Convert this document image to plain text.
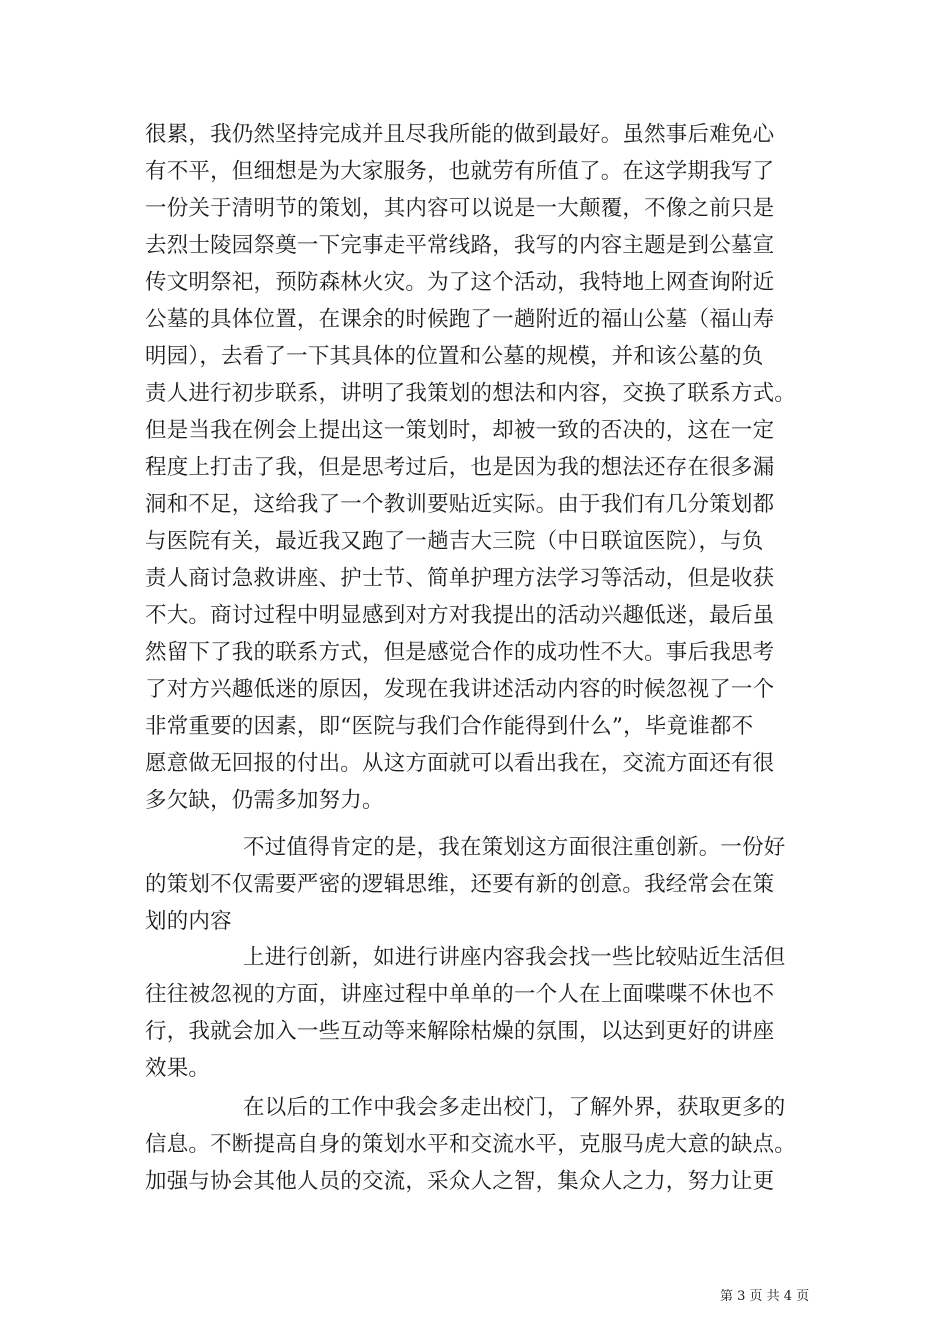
很累，我仍然坚持完成并且尽我所能的做到最好。虽然事后难免心
有不平，但细想是为大家服务，也就劳有所值了。在这学期我写了
一份关于清明节的策划，其内容可以说是一大颠覆，不像之前只是
去烈士陵园祭奠一下完事走平常线路，我写的内容主题是到公墓宣
传文明祭祀，预防森林火灾。为了这个活动，我特地上网查询附近
公墓的具体位置，在课余的时候跑了一趟附近的福山公墓（福山寿
明园），去看了一下其具体的位置和公墓的规模，并和该公墓的负
责人进行初步联系，讲明了我策划的想法和内容，交换了联系方式。
但是当我在例会上提出这一策划时，却被一致的否决的，这在一定
程度上打击了我，但是思考过后，也是因为我的想法还存在很多漏
洞和不足，这给我了一个教训要贴近实际。由于我们有几分策划都
与医院有关，最近我又跑了一趟吉大三院（中日联谊医院），与负
责人商讨急救讲座、护士节、简单护理方法学习等活动，但是收获
不大。商讨过程中明显感到对方对我提出的活动兴趣低迷，最后虽
然留下了我的联系方式，但是感觉合作的成功性不大。事后我思考
了对方兴趣低迷的原因，发现在我讲述活动内容的时候忽视了一个
非常重要的因素，即“医院与我们合作能得到什么”，毕竟谁都不
愿意做无回报的付出。从这方面就可以看出我在，交流方面还有很
多欠缺，仍需多加努力。
不过值得肯定的是，我在策划这方面很注重创新。一份好
的策划不仅需要严密的逻辑思维，还要有新的创意。我经常会在策
划的内容
上进行创新，如进行讲座内容我会找一些比较贴近生活但
往往被忽视的方面，讲座过程中单单的一个人在上面喋喋不休也不
行，我就会加入一些互动等来解除枯燥的氛围，以达到更好的讲座
效果。
在以后的工作中我会多走出校门，了解外界，获取更多的
信息。不断提高自身的策划水平和交流水平，克服马虎大意的缺点。
加强与协会其他人员的交流，采众人之智，集众人之力，努力让更
第 3 页 共 4 页
